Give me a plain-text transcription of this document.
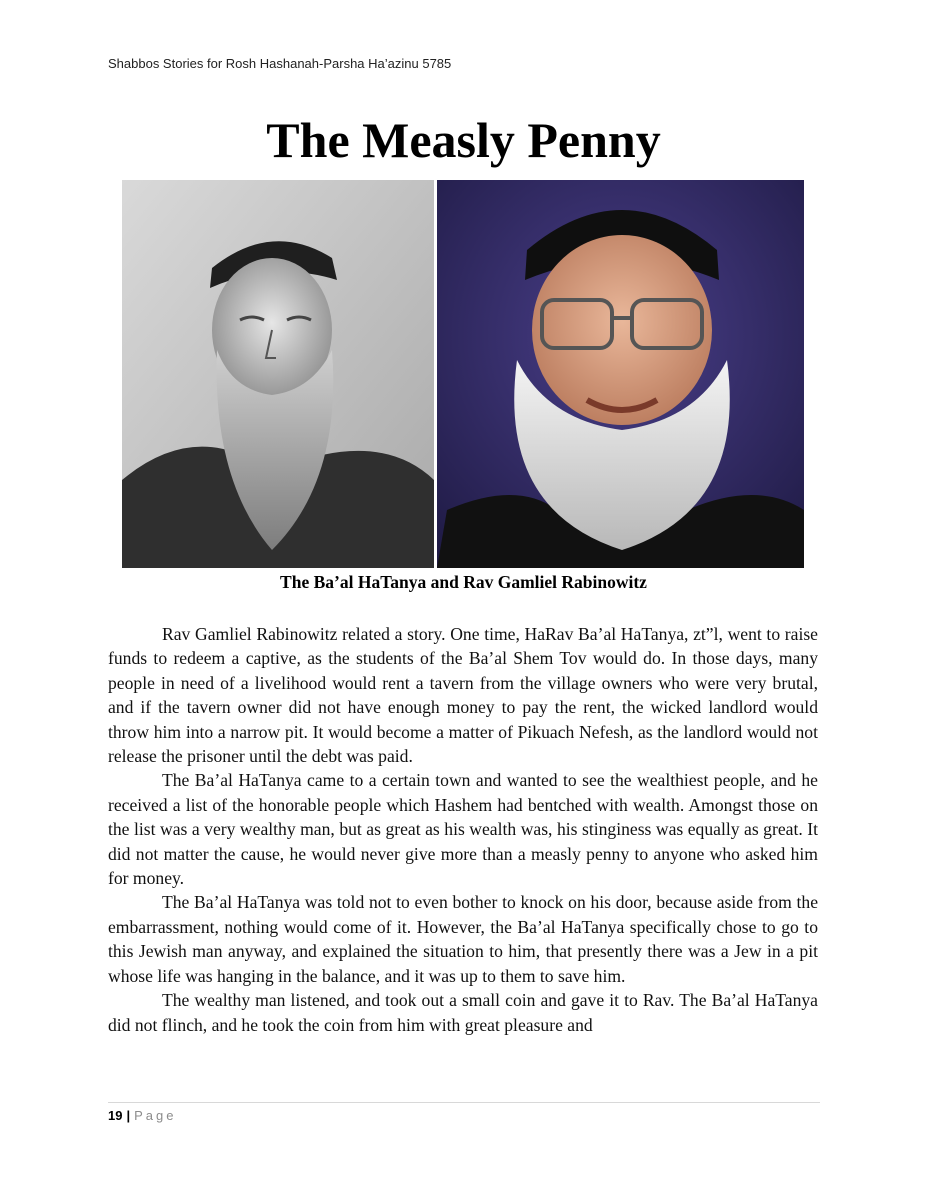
Shabbos Stories for Rosh Hashanah-Parsha Ha’azinu 5785
The Measly Penny
The Ba’al HaTanya and Rav Gamliel Rabinowitz

Rav Gamliel Rabinowitz related a story. One time, HaRav Ba’al HaTanya, zt”l, went to raise funds to redeem a captive, as the students of the Ba’al Shem Tov would do. In those days, many people in need of a livelihood would rent a tavern from the village owners who were very brutal, and if the tavern owner did not have enough money to pay the rent, the wicked landlord would throw him into a narrow pit. It would become a matter of Pikuach Nefesh, as the landlord would not release the prisoner until the debt was paid.

The Ba’al HaTanya came to a certain town and wanted to see the wealthiest people, and he received a list of the honorable people which Hashem had bentched with wealth. Amongst those on the list was a very wealthy man, but as great as his wealth was, his stinginess was equally as great. It did not matter the cause, he would never give more than a measly penny to anyone who asked him for money.

The Ba’al HaTanya was told not to even bother to knock on his door, because aside from the embarrassment, nothing would come of it. However, the Ba’al HaTanya specifically chose to go to this Jewish man anyway, and explained the situation to him, that presently there was a Jew in a pit whose life was hanging in the balance, and it was up to them to save him.

The wealthy man listened, and took out a small coin and gave it to Rav. The Ba’al HaTanya did not flinch, and he took the coin from him with great pleasure and

19 | Page
